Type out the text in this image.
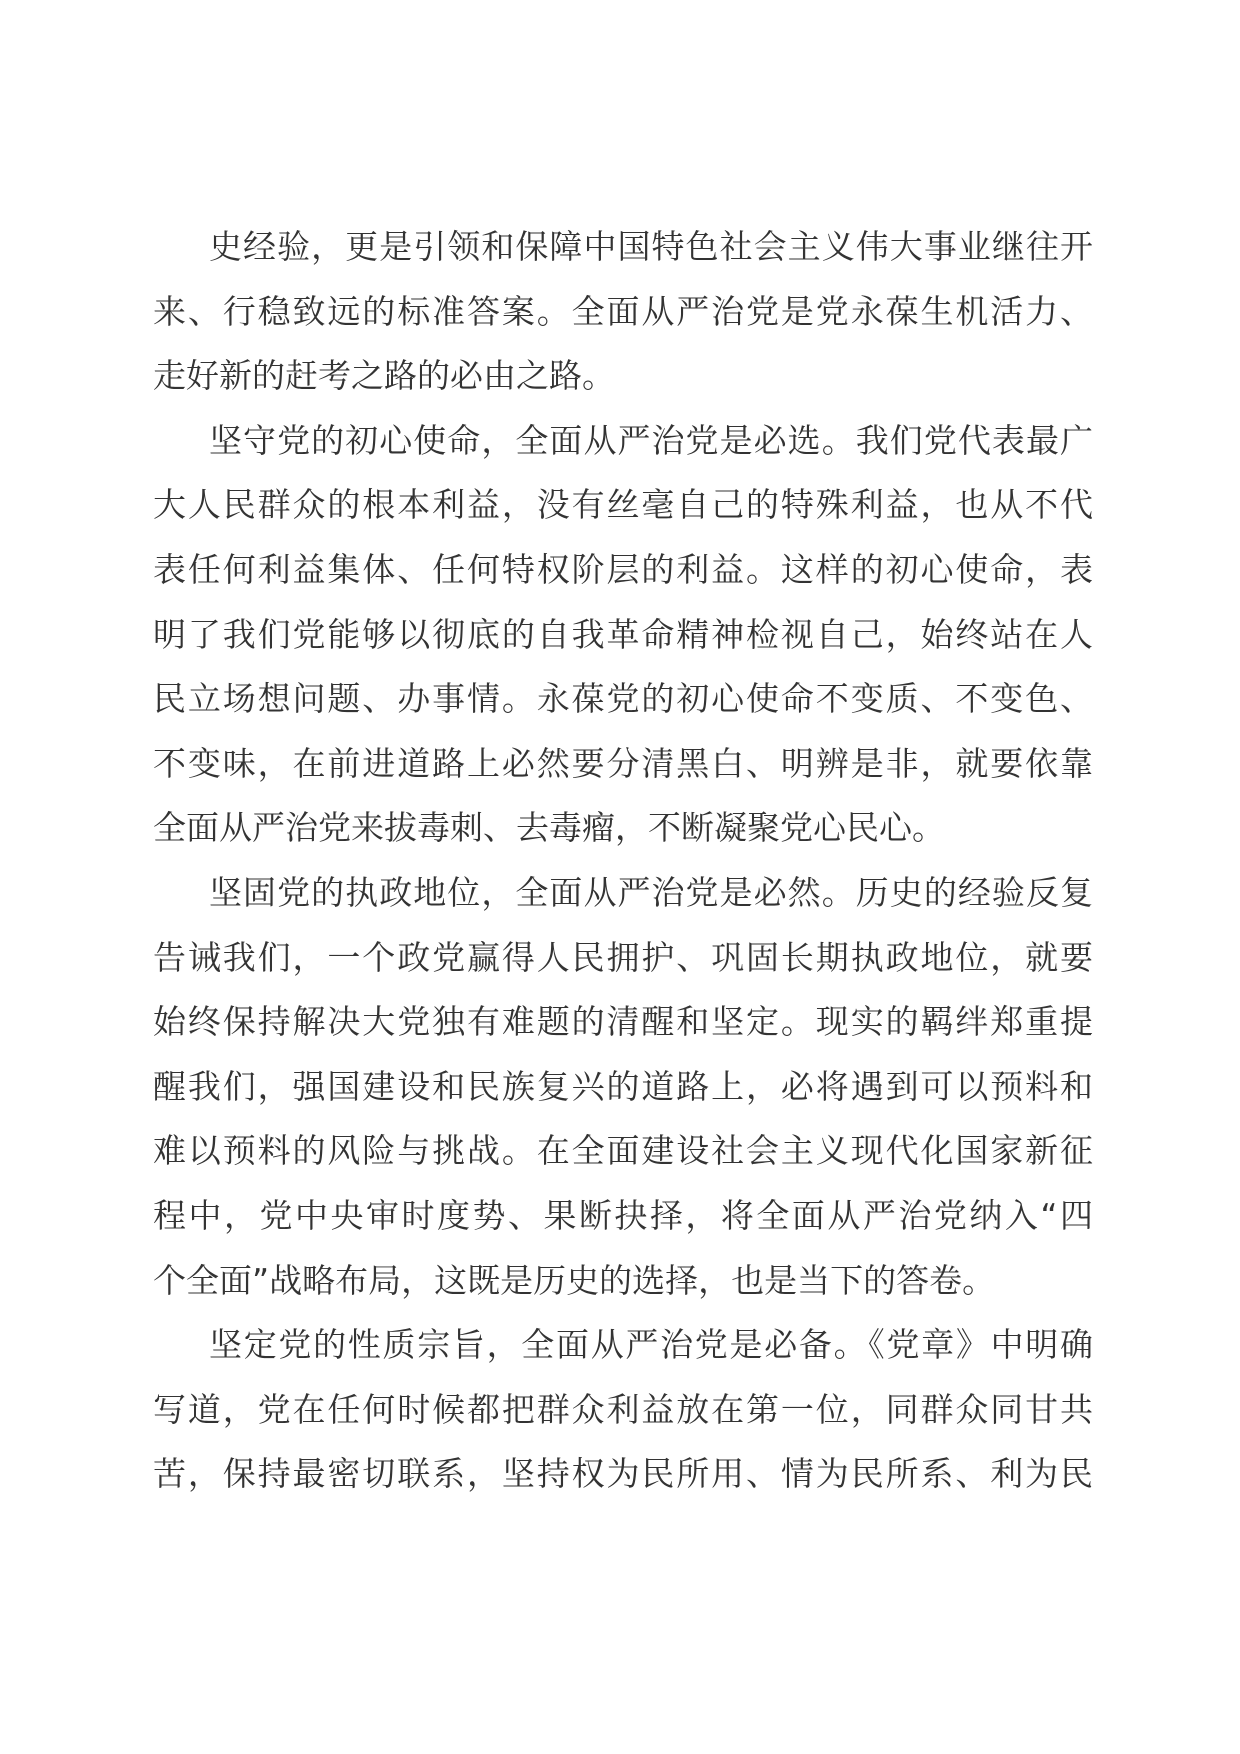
史经验，更是引领和保障中国特色社会主义伟大事业继往开
来、行稳致远的标准答案。全面从严治党是党永葆生机活力、
走好新的赶考之路的必由之路。
坚守党的初心使命，全面从严治党是必选。我们党代表最广
大人民群众的根本利益，没有丝毫自己的特殊利益，也从不代
表任何利益集体、任何特权阶层的利益。这样的初心使命，表
明了我们党能够以彻底的自我革命精神检视自己，始终站在人
民立场想问题、办事情。永葆党的初心使命不变质、不变色、
不变味，在前进道路上必然要分清黑白、明辨是非，就要依靠
全面从严治党来拔毒刺、去毒瘤，不断凝聚党心民心。
坚固党的执政地位，全面从严治党是必然。历史的经验反复
告诫我们，一个政党赢得人民拥护、巩固长期执政地位，就要
始终保持解决大党独有难题的清醒和坚定。现实的羁绊郑重提
醒我们，强国建设和民族复兴的道路上，必将遇到可以预料和
难以预料的风险与挑战。在全面建设社会主义现代化国家新征
程中，党中央审时度势、果断抉择，将全面从严治党纳入“四
个全面”战略布局，这既是历史的选择，也是当下的答卷。
坚定党的性质宗旨，全面从严治党是必备。《党章》中明确
写道，党在任何时候都把群众利益放在第一位，同群众同甘共
苦，保持最密切联系，坚持权为民所用、情为民所系、利为民
